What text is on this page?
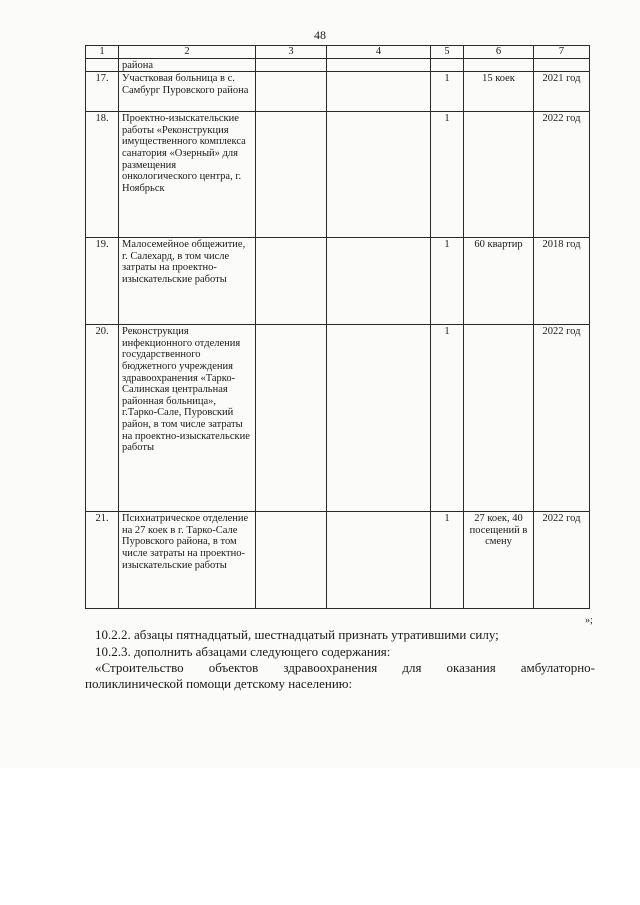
48
1	2	3	4	5	6	7
	района					
17.	Участковая больница в с. Самбург Пуровского района			1	15 коек	2021 год
18.	Проектно-изыскательские работы «Реконструкция имущественного комплекса санатория «Озерный» для размещения онкологического центра, г. Ноябрьск			1		2022 год
19.	Малосемейное общежитие, г. Салехард, в том числе затраты на проектно-изыскательские работы			1	60 квартир	2018 год
20.	Реконструкция инфекционного отделения государственного бюджетного учреждения здравоохранения «Тарко-Салинская центральная районная больница», г.Тарко-Сале, Пуровский район, в том числе затраты на проектно-изыскательские работы			1		2022 год
21.	Психиатрическое отделение на 27 коек в г. Тарко-Сале Пуровского района, в том числе затраты на проектно-изыскательские работы			1	27 коек, 40 посещений в смену	2022 год
»;
10.2.2. абзацы пятнадцатый, шестнадцатый признать утратившими силу;
10.2.3. дополнить абзацами следующего содержания:
«Строительство объектов здравоохранения для оказания амбулаторно-
поликлинической помощи детскому населению:
